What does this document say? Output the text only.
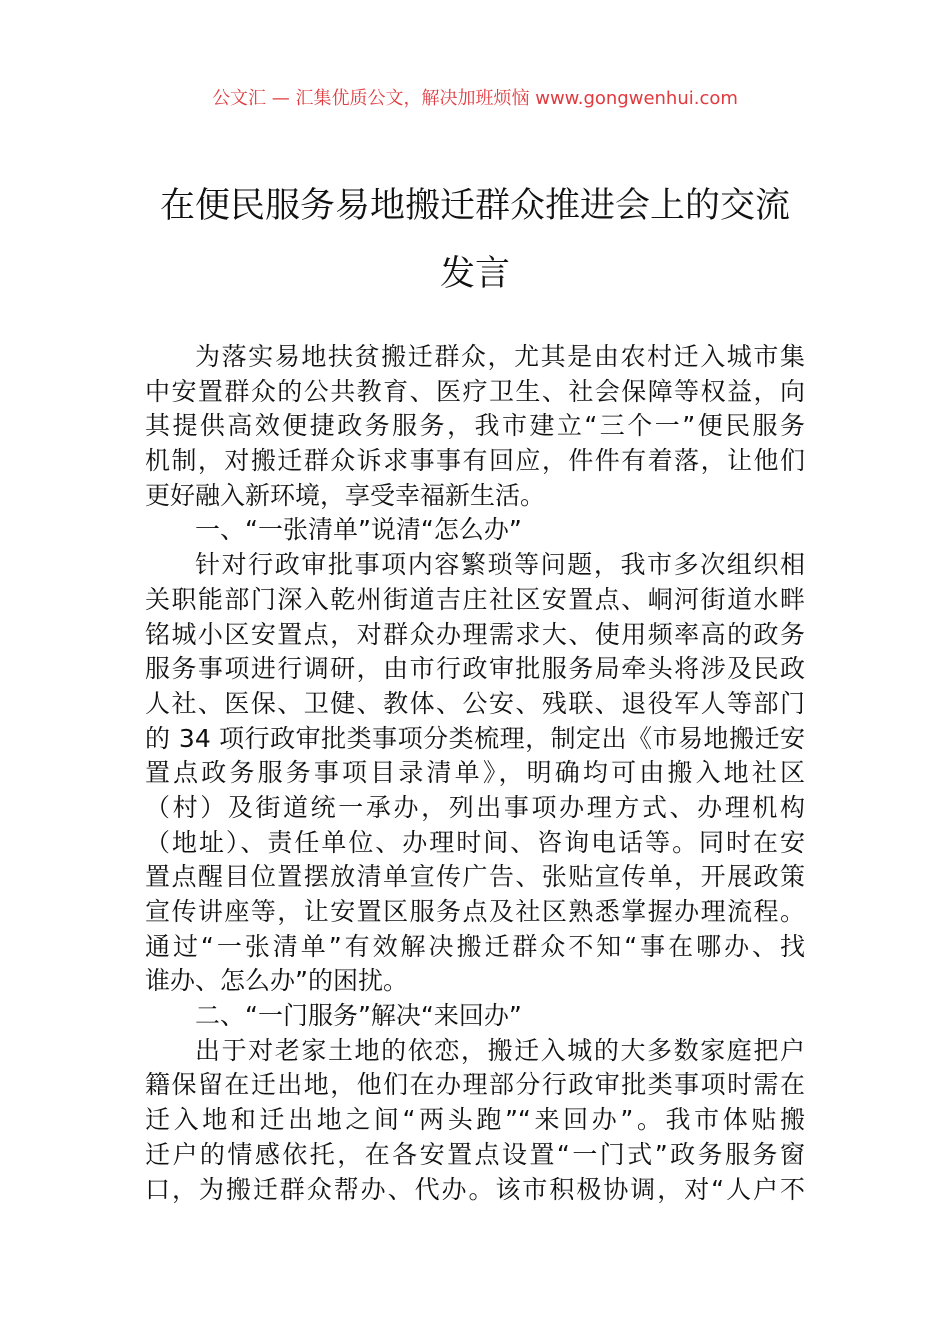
公文汇 — 汇集优质公文，解决加班烦恼 www.gongwenhui.com
在便民服务易地搬迁群众推进会上的交流
发言
为落实易地扶贫搬迁群众，尤其是由农村迁入城市集
中安置群众的公共教育、医疗卫生、社会保障等权益，向
其提供高效便捷政务服务，我市建立“三个一”便民服务
机制，对搬迁群众诉求事事有回应，件件有着落，让他们
更好融入新环境，享受幸福新生活。
一、“一张清单”说清“怎么办”
针对行政审批事项内容繁琐等问题，我市多次组织相
关职能部门深入乾州街道吉庄社区安置点、峒河街道水畔
铭城小区安置点，对群众办理需求大、使用频率高的政务
服务事项进行调研，由市行政审批服务局牵头将涉及民政
人社、医保、卫健、教体、公安、残联、退役军人等部门
的 34 项行政审批类事项分类梳理，制定出《市易地搬迁安
置点政务服务事项目录清单》，明确均可由搬入地社区
（村）及街道统一承办，列出事项办理方式、办理机构
（地址）、责任单位、办理时间、咨询电话等。同时在安
置点醒目位置摆放清单宣传广告、张贴宣传单，开展政策
宣传讲座等，让安置区服务点及社区熟悉掌握办理流程。
通过“一张清单”有效解决搬迁群众不知“事在哪办、找
谁办、怎么办”的困扰。
二、“一门服务”解决“来回办”
出于对老家土地的依恋，搬迁入城的大多数家庭把户
籍保留在迁出地，他们在办理部分行政审批类事项时需在
迁入地和迁出地之间“两头跑”“来回办”。我市体贴搬
迁户的情感依托，在各安置点设置“一门式”政务服务窗
口，为搬迁群众帮办、代办。该市积极协调，对“人户不
